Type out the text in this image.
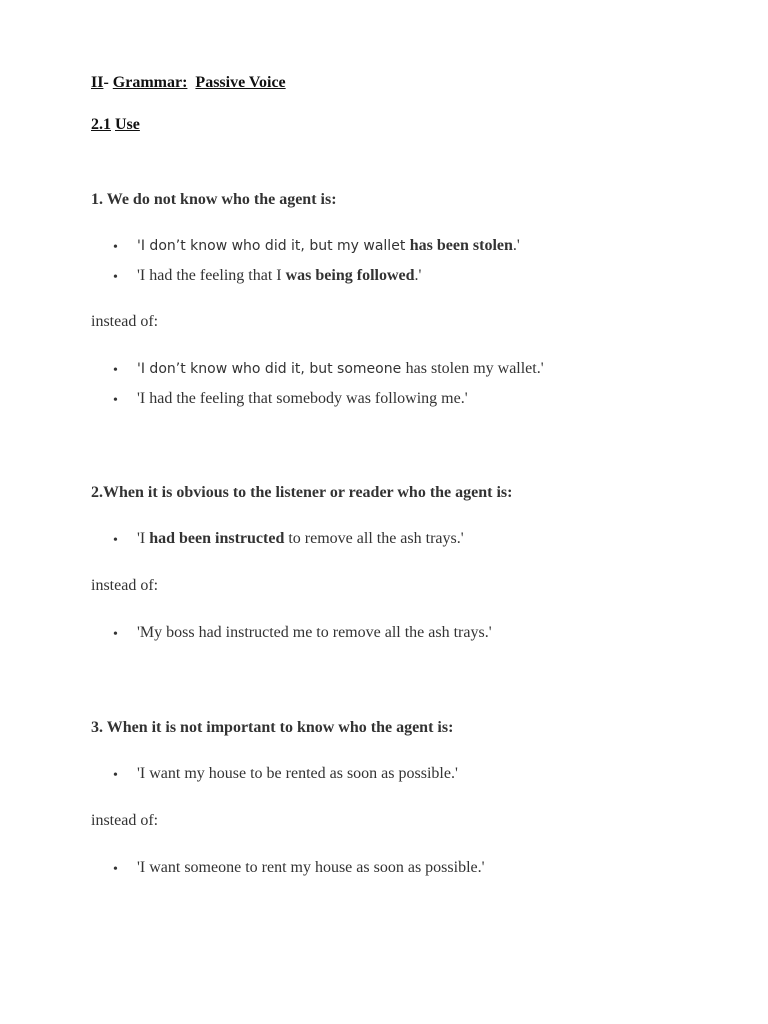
II- Grammar: Passive Voice
2.1 Use
1. We do not know who the agent is:
• 'I don’t know who did it, but my wallet has been stolen.'
• 'I had the feeling that I was being followed.'
instead of:
• 'I don’t know who did it, but someone has stolen my wallet.'
• 'I had the feeling that somebody was following me.'
2.When it is obvious to the listener or reader who the agent is:
• 'I had been instructed to remove all the ash trays.'
instead of:
• 'My boss had instructed me to remove all the ash trays.'
3. When it is not important to know who the agent is:
• 'I want my house to be rented as soon as possible.'
instead of:
• 'I want someone to rent my house as soon as possible.'
